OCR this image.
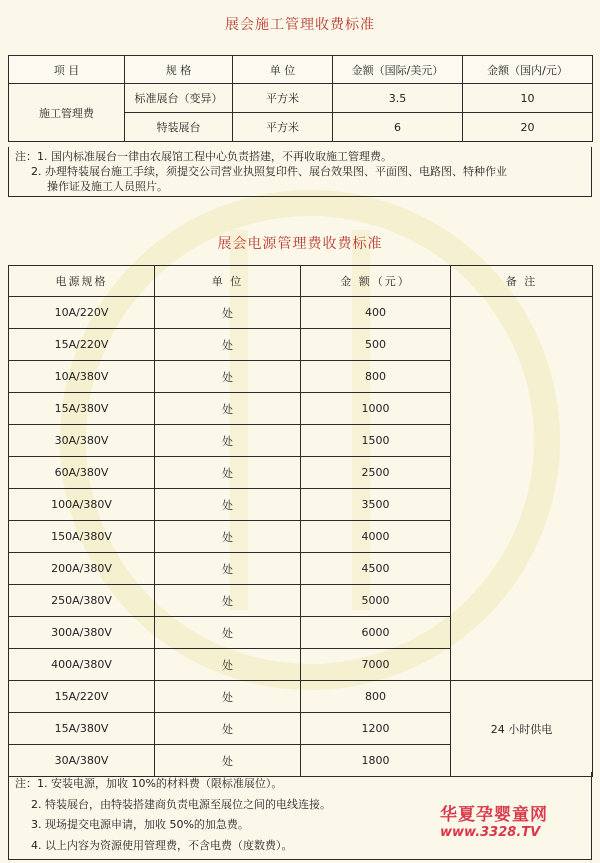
展会施工管理收费标准
项 目	规 格	单 位	金额（国际/美元）	金额（国内/元）
施工管理费	标准展台（变异）	平方米	3.5	10
	特装展台	平方米	6	20
注：1. 国内标准展台一律由农展馆工程中心负责搭建，不再收取施工管理费。
2. 办理特装展台施工手续，须提交公司营业执照复印件、展台效果图、平面图、电路图、特种作业
操作证及施工人员照片。
展会电源管理费收费标准
电源规格	单 位	金 额（元）	备 注
10A/220V	处	400	
15A/220V	处	500	
10A/380V	处	800	
15A/380V	处	1000	
30A/380V	处	1500	
60A/380V	处	2500	
100A/380V	处	3500	
150A/380V	处	4000	
200A/380V	处	4500	
250A/380V	处	5000	
300A/380V	处	6000	
400A/380V	处	7000	
15A/220V	处	800	24 小时供电
15A/380V	处	1200	
30A/380V	处	1800	
注：1. 安装电源，加收 10%的材料费（限标准展位）。
2. 特装展台，由特装搭建商负责电源至展位之间的电线连接。
3. 现场提交电源申请，加收 50%的加急费。
4. 以上内容为资源使用管理费，不含电费（度数费）。
华夏孕婴童网
www.3328.TV
